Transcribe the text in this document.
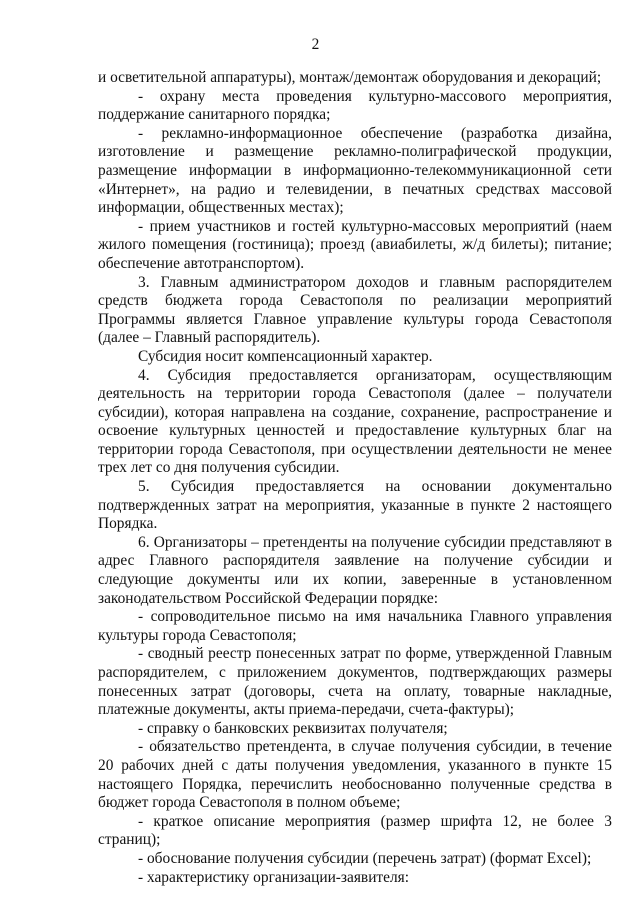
2

и осветительной аппаратуры), монтаж/демонтаж оборудования и декораций;

- охрану места проведения культурно-массового мероприятия, поддержание санитарного порядка;

- рекламно-информационное обеспечение (разработка дизайна, изготовление и размещение рекламно-полиграфической продукции, размещение информации в информационно-телекоммуникационной сети «Интернет», на радио и телевидении, в печатных средствах массовой информации, общественных местах);

- прием участников и гостей культурно-массовых мероприятий (наем жилого помещения (гостиница); проезд (авиабилеты, ж/д билеты); питание; обеспечение автотранспортом).

3. Главным администратором доходов и главным распорядителем средств бюджета города Севастополя по реализации мероприятий Программы является Главное управление культуры города Севастополя (далее – Главный распорядитель).

Субсидия носит компенсационный характер.

4. Субсидия предоставляется организаторам, осуществляющим деятельность на территории города Севастополя (далее – получатели субсидии), которая направлена на создание, сохранение, распространение и освоение культурных ценностей и предоставление культурных благ на территории города Севастополя, при осуществлении деятельности не менее трех лет со дня получения субсидии.

5. Субсидия предоставляется на основании документально подтвержденных затрат на мероприятия, указанные в пункте 2 настоящего Порядка.

6. Организаторы – претенденты на получение субсидии представляют в адрес Главного распорядителя заявление на получение субсидии и следующие документы или их копии, заверенные в установленном законодательством Российской Федерации порядке:

- сопроводительное письмо на имя начальника Главного управления культуры города Севастополя;

- сводный реестр понесенных затрат по форме, утвержденной Главным распорядителем, с приложением документов, подтверждающих размеры понесенных затрат (договоры, счета на оплату, товарные накладные, платежные документы, акты приема-передачи, счета-фактуры);

- справку о банковских реквизитах получателя;

- обязательство претендента, в случае получения субсидии, в течение 20 рабочих дней с даты получения уведомления, указанного в пункте 15 настоящего Порядка, перечислить необоснованно полученные средства в бюджет города Севастополя в полном объеме;

- краткое описание мероприятия (размер шрифта 12, не более 3 страниц);

- обоснование получения субсидии (перечень затрат) (формат Excel);

- характеристику организации-заявителя:
